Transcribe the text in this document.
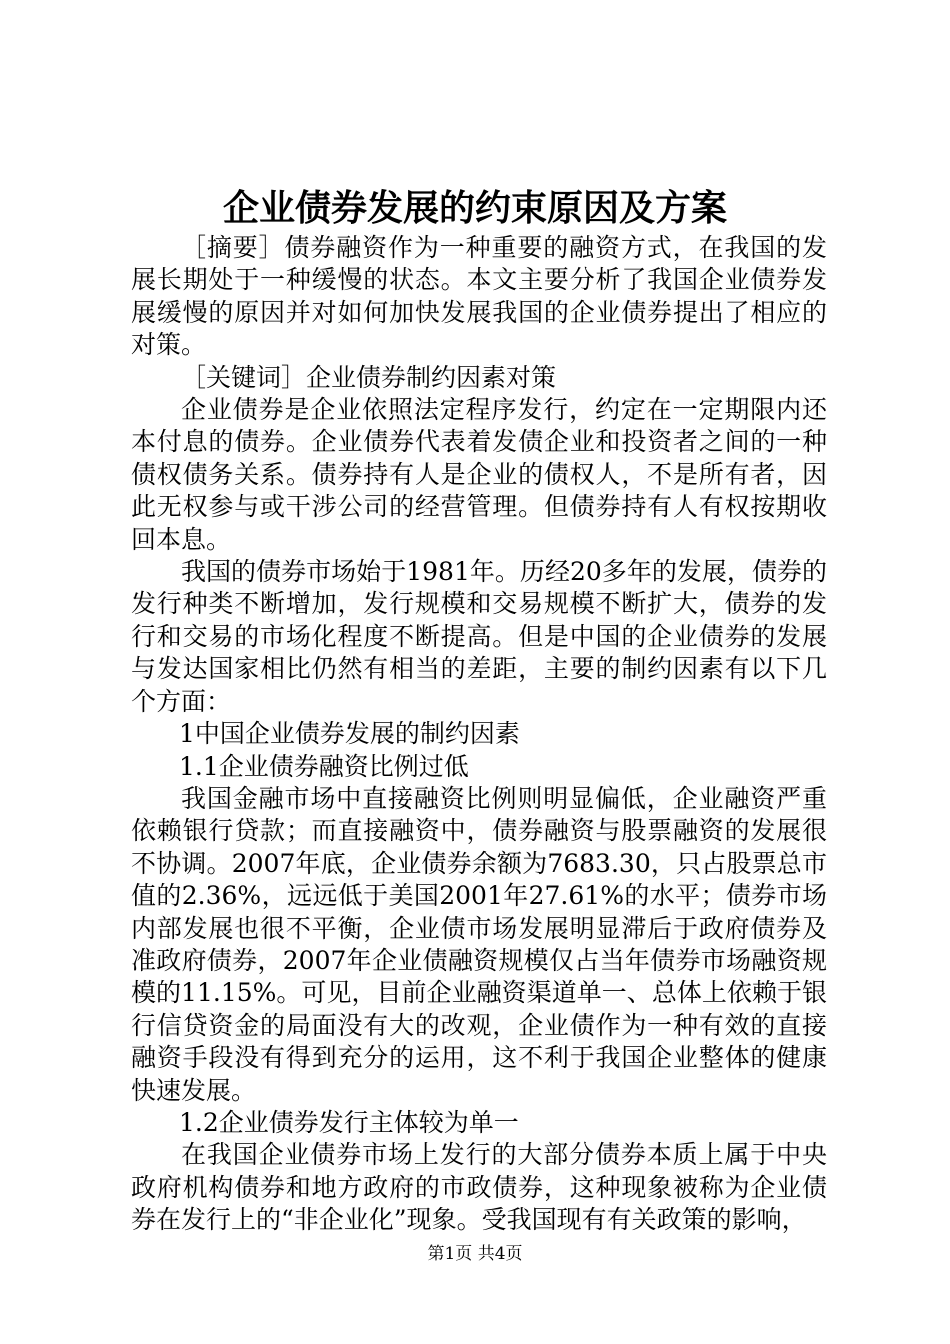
企业债券发展的约束原因及方案

［摘要］债券融资作为一种重要的融资方式，在我国的发展长期处于一种缓慢的状态。本文主要分析了我国企业债券发展缓慢的原因并对如何加快发展我国的企业债券提出了相应的对策。

［关键词］企业债券制约因素对策

企业债券是企业依照法定程序发行，约定在一定期限内还本付息的债券。企业债券代表着发债企业和投资者之间的一种债权债务关系。债券持有人是企业的债权人，不是所有者，因此无权参与或干涉公司的经营管理。但债券持有人有权按期收回本息。

我国的债券市场始于1981年。历经20多年的发展，债券的发行种类不断增加，发行规模和交易规模不断扩大，债券的发行和交易的市场化程度不断提高。但是中国的企业债券的发展与发达国家相比仍然有相当的差距，主要的制约因素有以下几个方面：

1中国企业债券发展的制约因素

1.1企业债券融资比例过低

我国金融市场中直接融资比例则明显偏低，企业融资严重依赖银行贷款；而直接融资中，债券融资与股票融资的发展很不协调。2007年底，企业债券余额为7683.30，只占股票总市值的2.36%，远远低于美国2001年27.61%的水平；债券市场内部发展也很不平衡，企业债市场发展明显滞后于政府债券及准政府债券，2007年企业债融资规模仅占当年债券市场融资规模的11.15%。可见，目前企业融资渠道单一、总体上依赖于银行信贷资金的局面没有大的改观，企业债作为一种有效的直接融资手段没有得到充分的运用，这不利于我国企业整体的健康快速发展。

1.2企业债券发行主体较为单一

在我国企业债券市场上发行的大部分债券本质上属于中央政府机构债券和地方政府的市政债券，这种现象被称为企业债券在发行上的“非企业化”现象。受我国现有有关政策的影响，

第1页 共4页
